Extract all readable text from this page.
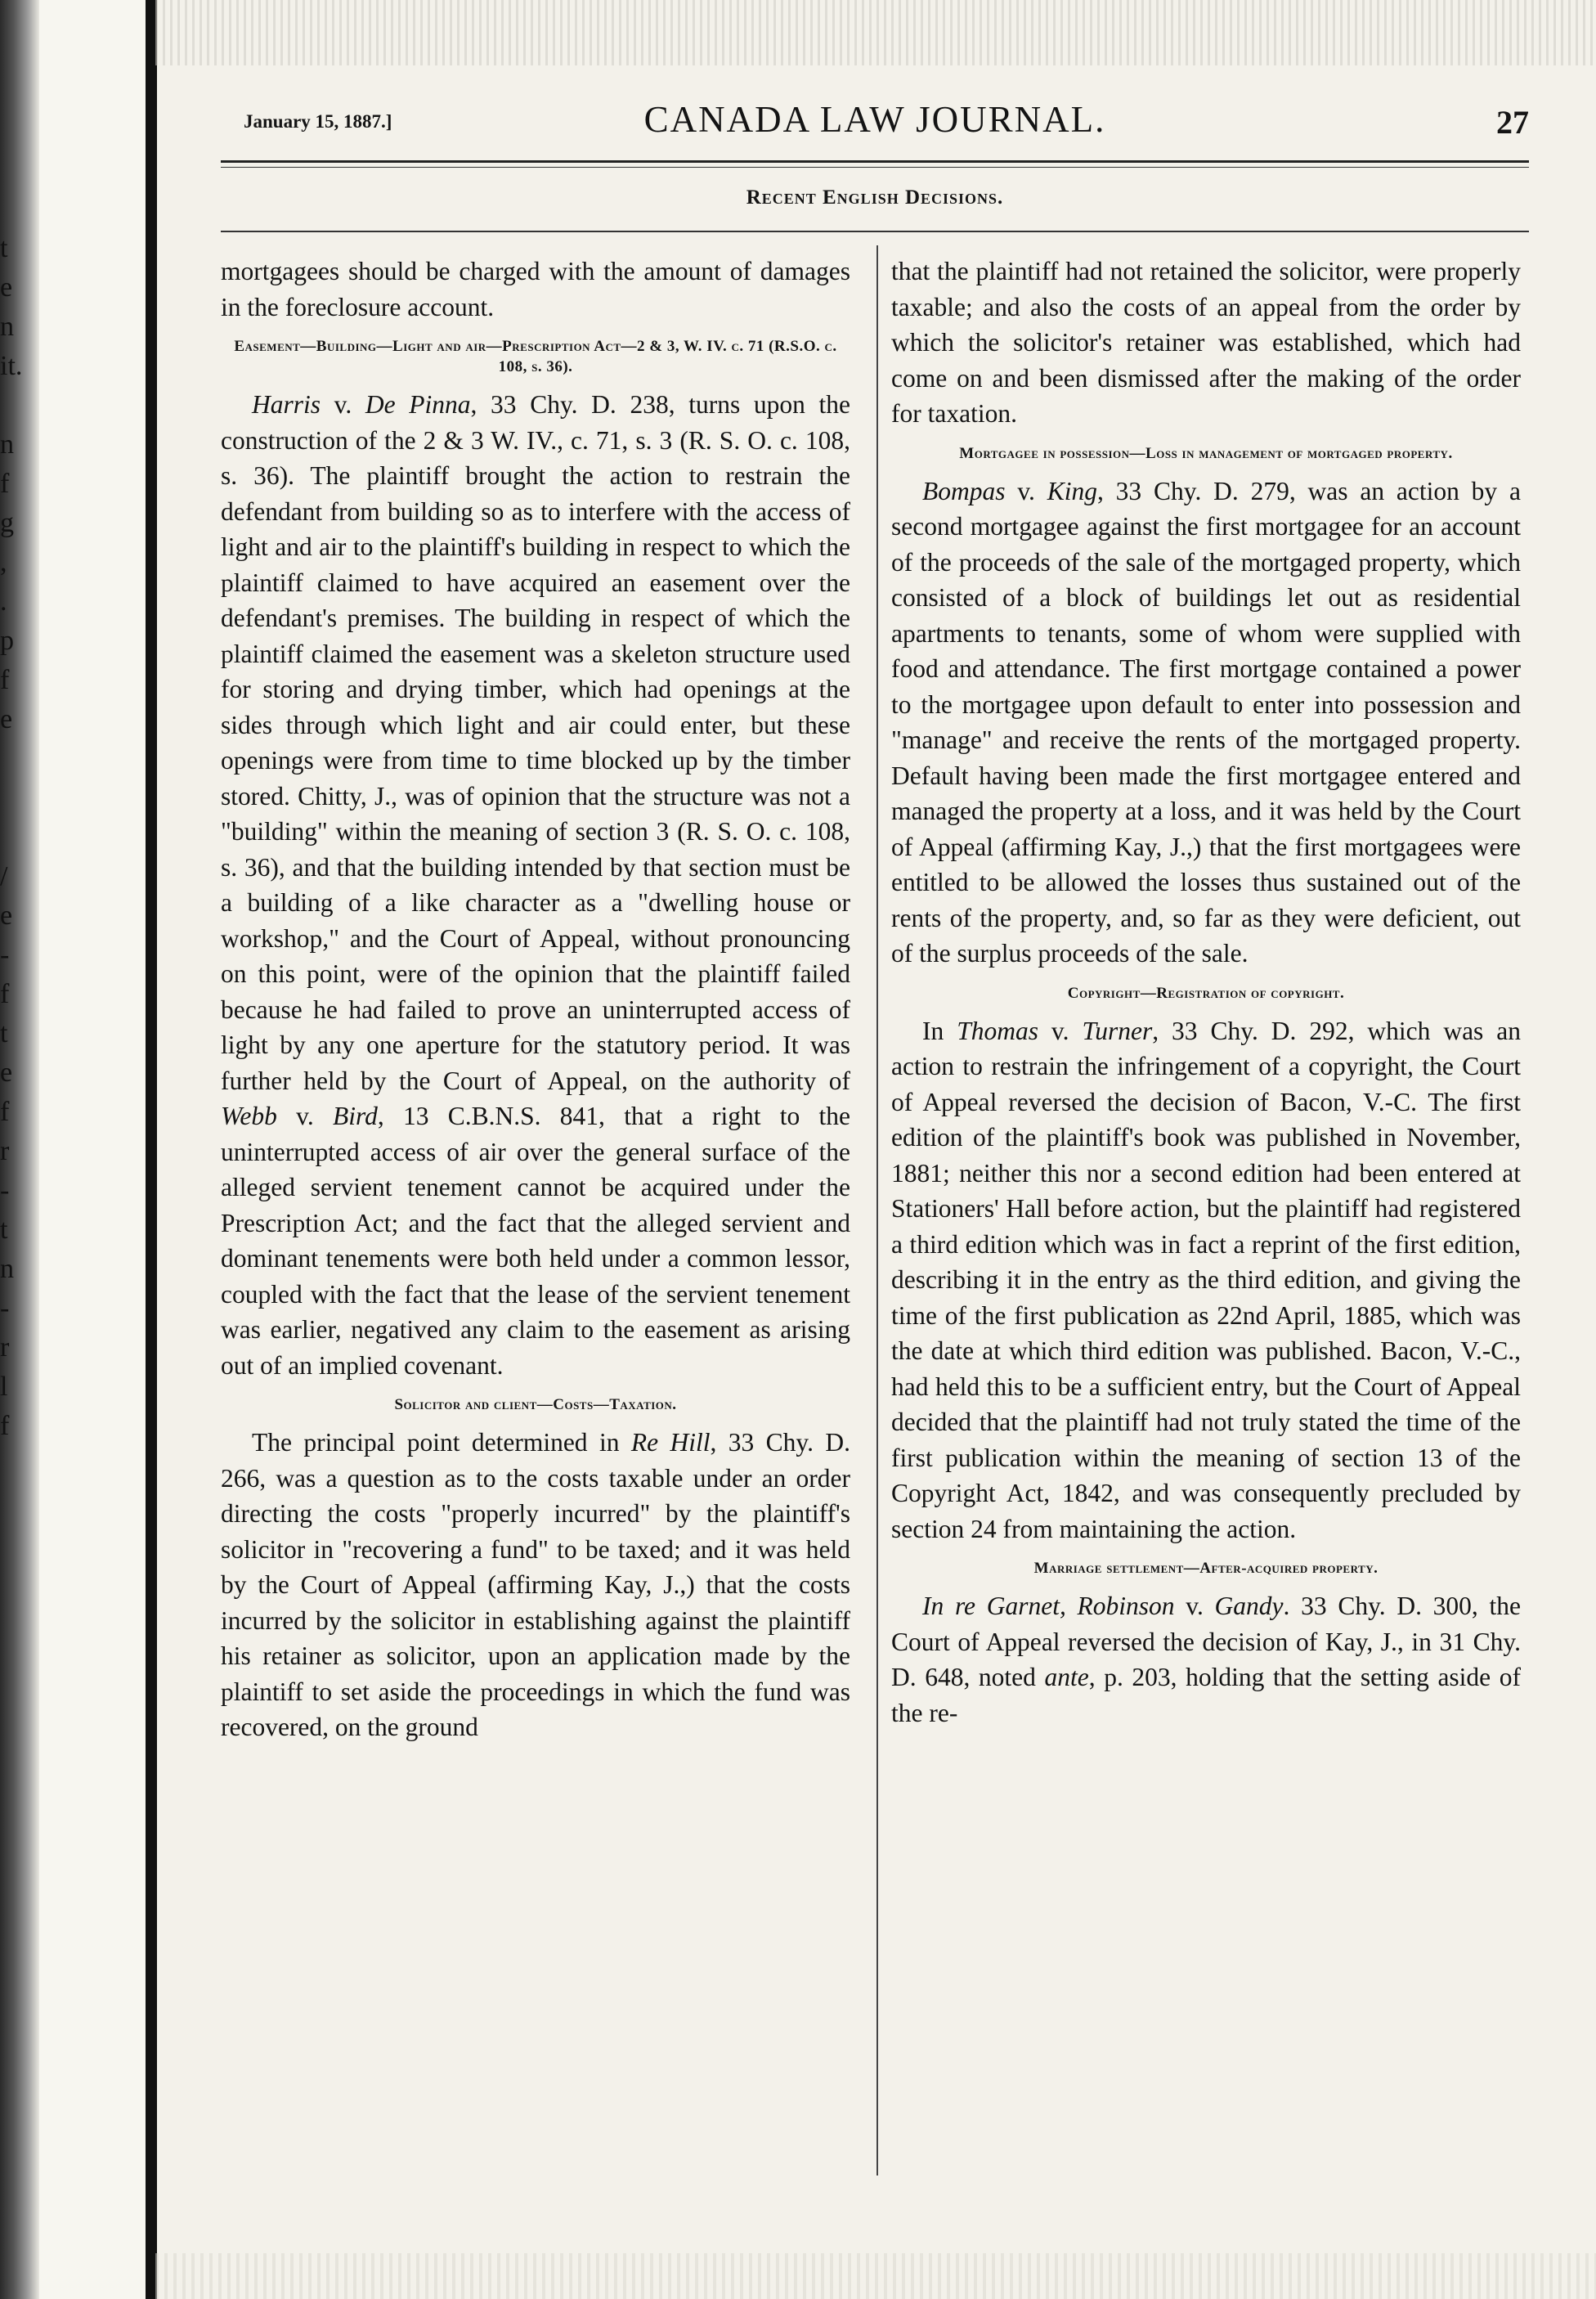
t
e
n
it.

n
f
g
,
.
p
f
e

/
e
-
f
t
e
f
r
-
t
n
-
r
l
f
January 15, 1887.]	CANADA LAW JOURNAL.	27
Recent English Decisions.

mortgagees should be charged with the amount of damages in the foreclosure account.

Easement—Building—Light and air—Prescription Act—2 & 3, W. IV. c. 71 (R.S.O. c. 108, s. 36).

Harris v. De Pinna, 33 Chy. D. 238, turns upon the construction of the 2 & 3 W. IV., c. 71, s. 3 (R. S. O. c. 108, s. 36). The plaintiff brought the action to restrain the defendant from building so as to interfere with the access of light and air to the plaintiff's building in respect to which the plaintiff claimed to have acquired an easement over the defendant's premises. The building in respect of which the plaintiff claimed the easement was a skeleton structure used for storing and drying timber, which had openings at the sides through which light and air could enter, but these openings were from time to time blocked up by the timber stored. Chitty, J., was of opinion that the structure was not a "building" within the meaning of section 3 (R. S. O. c. 108, s. 36), and that the building intended by that section must be a building of a like character as a "dwelling house or workshop," and the Court of Appeal, without pronouncing on this point, were of the opinion that the plaintiff failed because he had failed to prove an uninterrupted access of light by any one aperture for the statutory period. It was further held by the Court of Appeal, on the authority of Webb v. Bird, 13 C.B.N.S. 841, that a right to the uninterrupted access of air over the general surface of the alleged servient tenement cannot be acquired under the Prescription Act; and the fact that the alleged servient and dominant tenements were both held under a common lessor, coupled with the fact that the lease of the servient tenement was earlier, negatived any claim to the easement as arising out of an implied covenant.

Solicitor and client—Costs—Taxation.

The principal point determined in Re Hill, 33 Chy. D. 266, was a question as to the costs taxable under an order directing the costs "properly incurred" by the plaintiff's solicitor in "recovering a fund" to be taxed; and it was held by the Court of Appeal (affirming Kay, J.,) that the costs incurred by the solicitor in establishing against the plaintiff his retainer as solicitor, upon an application made by the plaintiff to set aside the proceedings in which the fund was recovered, on the ground

that the plaintiff had not retained the solicitor, were properly taxable; and also the costs of an appeal from the order by which the solicitor's retainer was established, which had come on and been dismissed after the making of the order for taxation.

Mortgagee in possession—Loss in management of mortgaged property.

Bompas v. King, 33 Chy. D. 279, was an action by a second mortgagee against the first mortgagee for an account of the proceeds of the sale of the mortgaged property, which consisted of a block of buildings let out as residential apartments to tenants, some of whom were supplied with food and attendance. The first mortgage contained a power to the mortgagee upon default to enter into possession and "manage" and receive the rents of the mortgaged property. Default having been made the first mortgagee entered and managed the property at a loss, and it was held by the Court of Appeal (affirming Kay, J.,) that the first mortgagees were entitled to be allowed the losses thus sustained out of the rents of the property, and, so far as they were deficient, out of the surplus proceeds of the sale.

Copyright—Registration of copyright.

In Thomas v. Turner, 33 Chy. D. 292, which was an action to restrain the infringement of a copyright, the Court of Appeal reversed the decision of Bacon, V.-C. The first edition of the plaintiff's book was published in November, 1881; neither this nor a second edition had been entered at Stationers' Hall before action, but the plaintiff had registered a third edition which was in fact a reprint of the first edition, describing it in the entry as the third edition, and giving the time of the first publication as 22nd April, 1885, which was the date at which third edition was published. Bacon, V.-C., had held this to be a sufficient entry, but the Court of Appeal decided that the plaintiff had not truly stated the time of the first publication within the meaning of section 13 of the Copyright Act, 1842, and was consequently precluded by section 24 from maintaining the action.

Marriage settlement—After-acquired property.

In re Garnet, Robinson v. Gandy. 33 Chy. D. 300, the Court of Appeal reversed the decision of Kay, J., in 31 Chy. D. 648, noted ante, p. 203, holding that the setting aside of the re-
